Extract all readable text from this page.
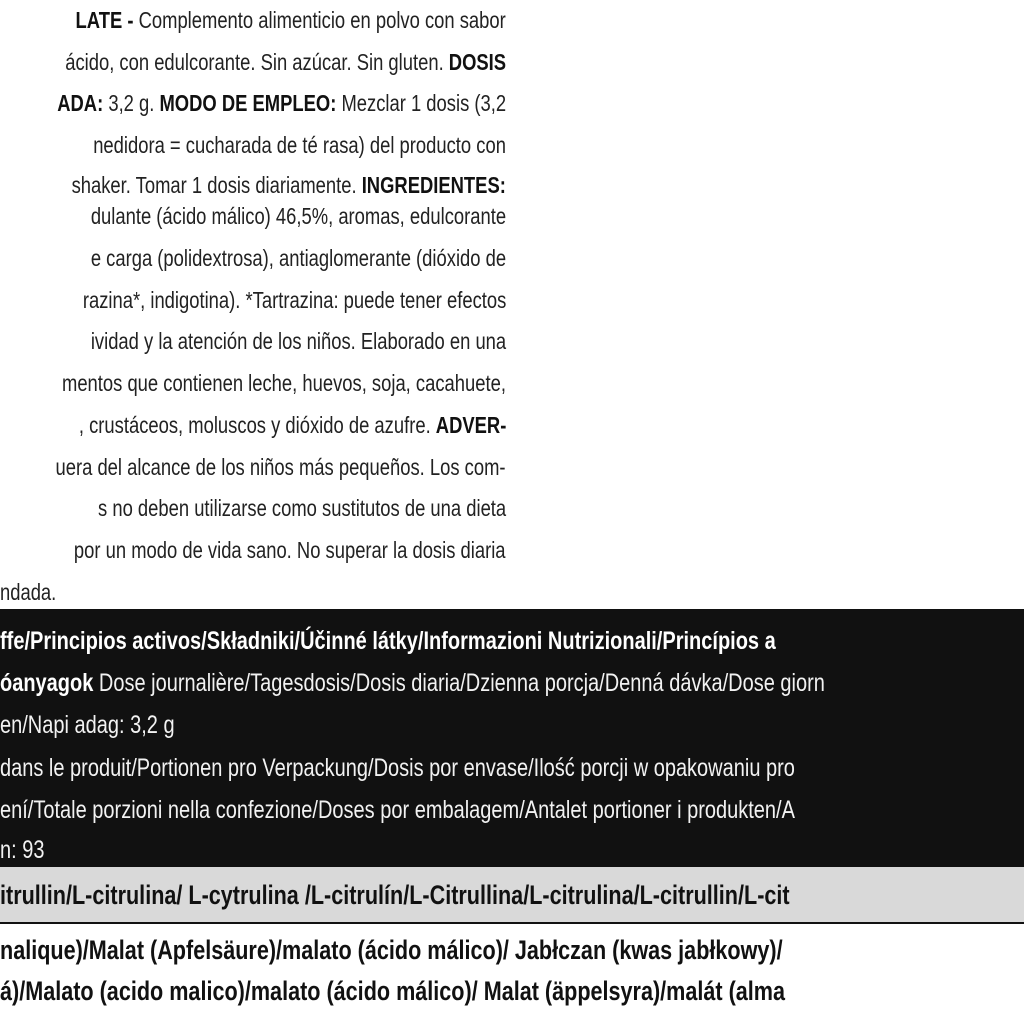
LATE - Complemento alimenticio en polvo con sabor
ácido, con edulcorante. Sin azúcar. Sin gluten. DOSIS
ADA: 3,2 g. MODO DE EMPLEO: Mezclar 1 dosis (3,2
nedidora = cucharada de té rasa) del producto con
shaker. Tomar 1 dosis diariamente. INGREDIENTES:
dulante (ácido málico) 46,5%, aromas, edulcorante
e carga (polidextrosa), antiaglomerante (dióxido de
razina*, indigotina). *Tartrazina: puede tener efectos
ividad y la atención de los niños. Elaborado en una
mentos que contienen leche, huevos, soja, cacahuete,
, crustáceos, moluscos y dióxido de azufre. ADVER-
uera del alcance de los niños más pequeños. Los com-
s no deben utilizarse como sustitutos de una dieta
por un modo de vida sano. No superar la dosis diaria
ndada.
ffe/Principios activos/Składniki/Účinné látky/Informazioni Nutrizionali/Princípios a
óanyagok Dose journalière/Tagesdosis/Dosis diaria/Dzienna porcja/Denná dávka/Dose giorn
en/Napi adag: 3,2 g
dans le produit/Portionen pro Verpackung/Dosis por envase/Ilość porcji w opakowaniu pro
ení/Totale porzioni nella confezione/Doses por embalagem/Antalet portioner i produkten/A
n: 93
itrullin/L-citrulina/ L-cytrulina /L-citrulín/L-Citrullina/L-citrulina/L-citrullin/L-cit
nalique)/Malat (Apfelsäure)/malato (ácido málico)/ Jabłczan (kwas jabłkowy)/
á)/Malato (acido malico)/malato (ácido málico)/ Malat (äppelsyra)/malát (alma
